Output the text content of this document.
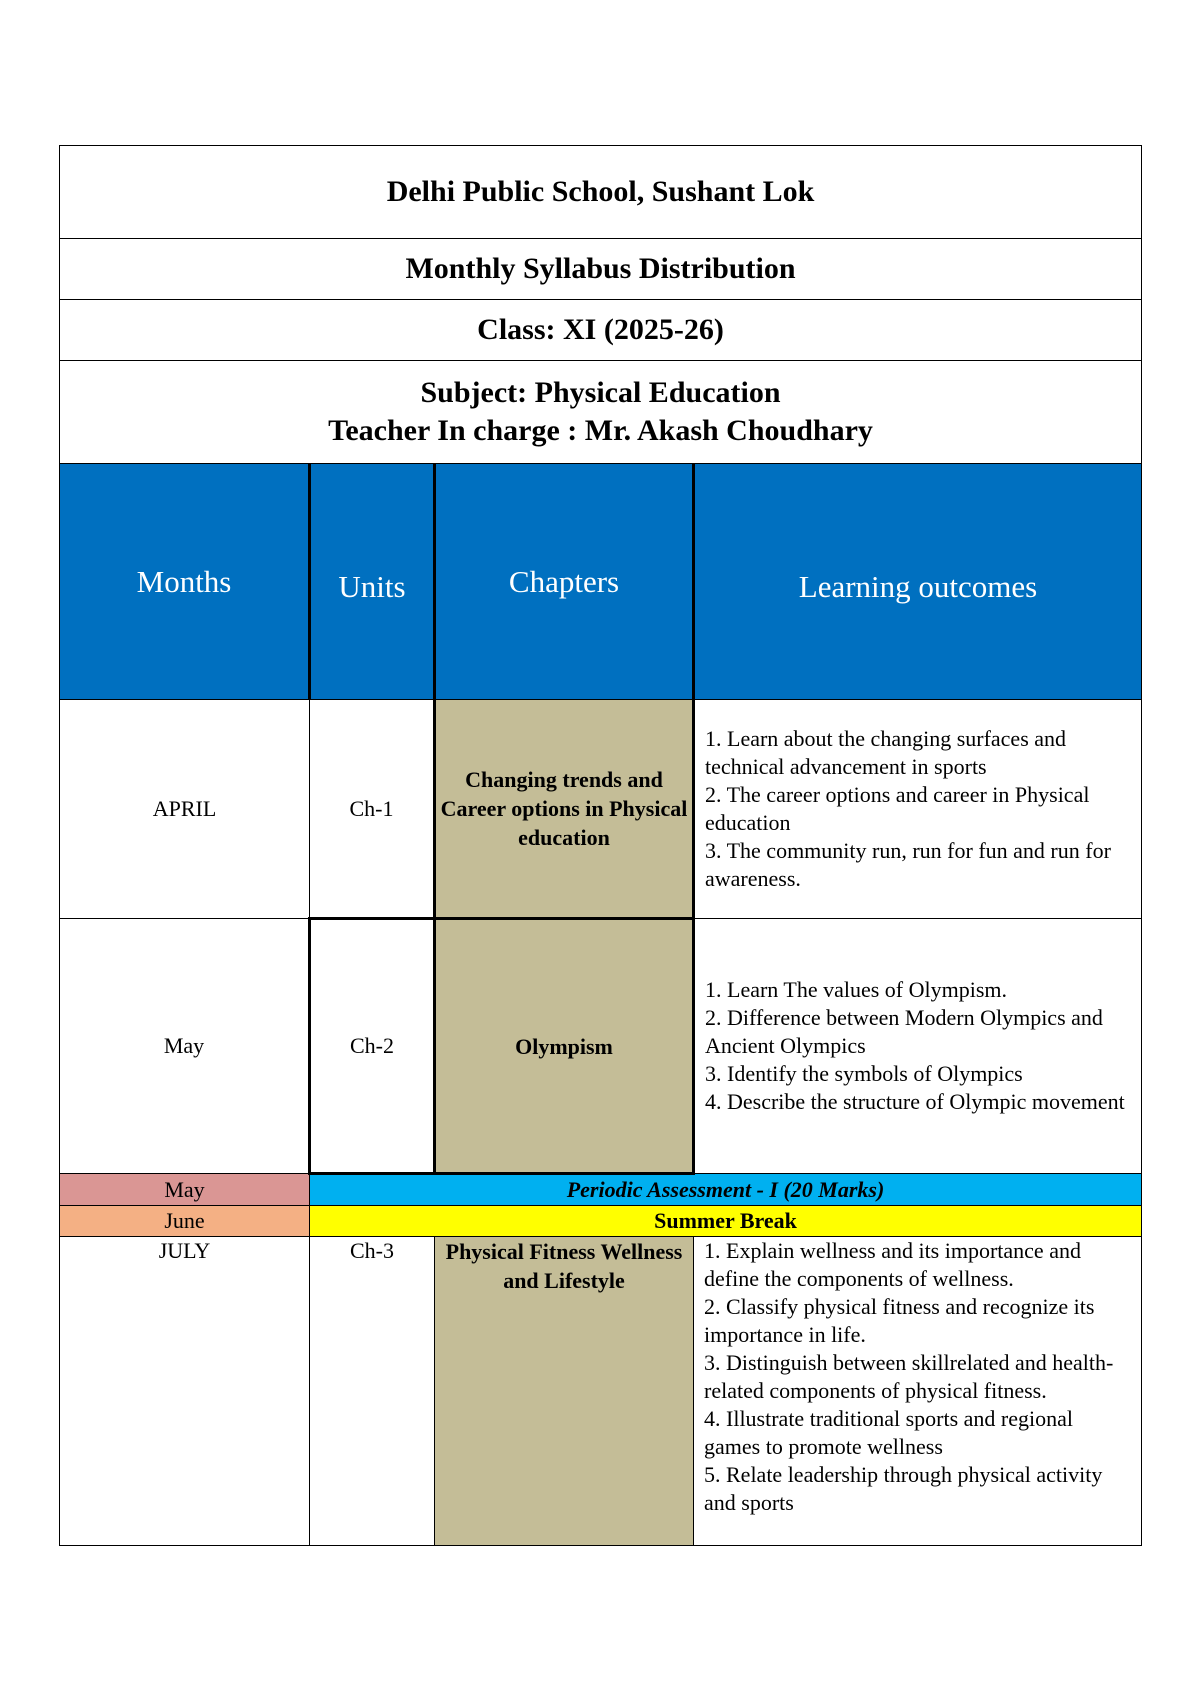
Delhi Public School, Sushant Lok			
Monthly Syllabus Distribution			
Class: XI (2025-26)			

Subject: Physical Education
Teacher In charge : Mr. Akash Choudhary			

Months	Units	Chapters	Learning outcomes
APRIL	Ch-1	Changing trends and Career options in Physical education	1. Learn about the changing surfaces and technical advancement in sports
2. The career options and career in Physical education
3. The community run, run for fun and run for awareness.

May	Ch-2	Olympism	1. Learn The values of Olympism.
2. Difference between Modern Olympics and Ancient Olympics
3. Identify the symbols of Olympics
4. Describe the structure of Olympic movement

May	Periodic Assessment - I (20 Marks)		
June	Summer Break		
JULY	Ch-3	Physical Fitness Wellness and Lifestyle	1. Explain wellness and its importance and define the components of wellness.
2. Classify physical fitness and recognize its importance in life.
3. Distinguish between skillrelated and health-related components of physical fitness.
4. Illustrate traditional sports and regional games to promote wellness
5. Relate leadership through physical activity and sports
